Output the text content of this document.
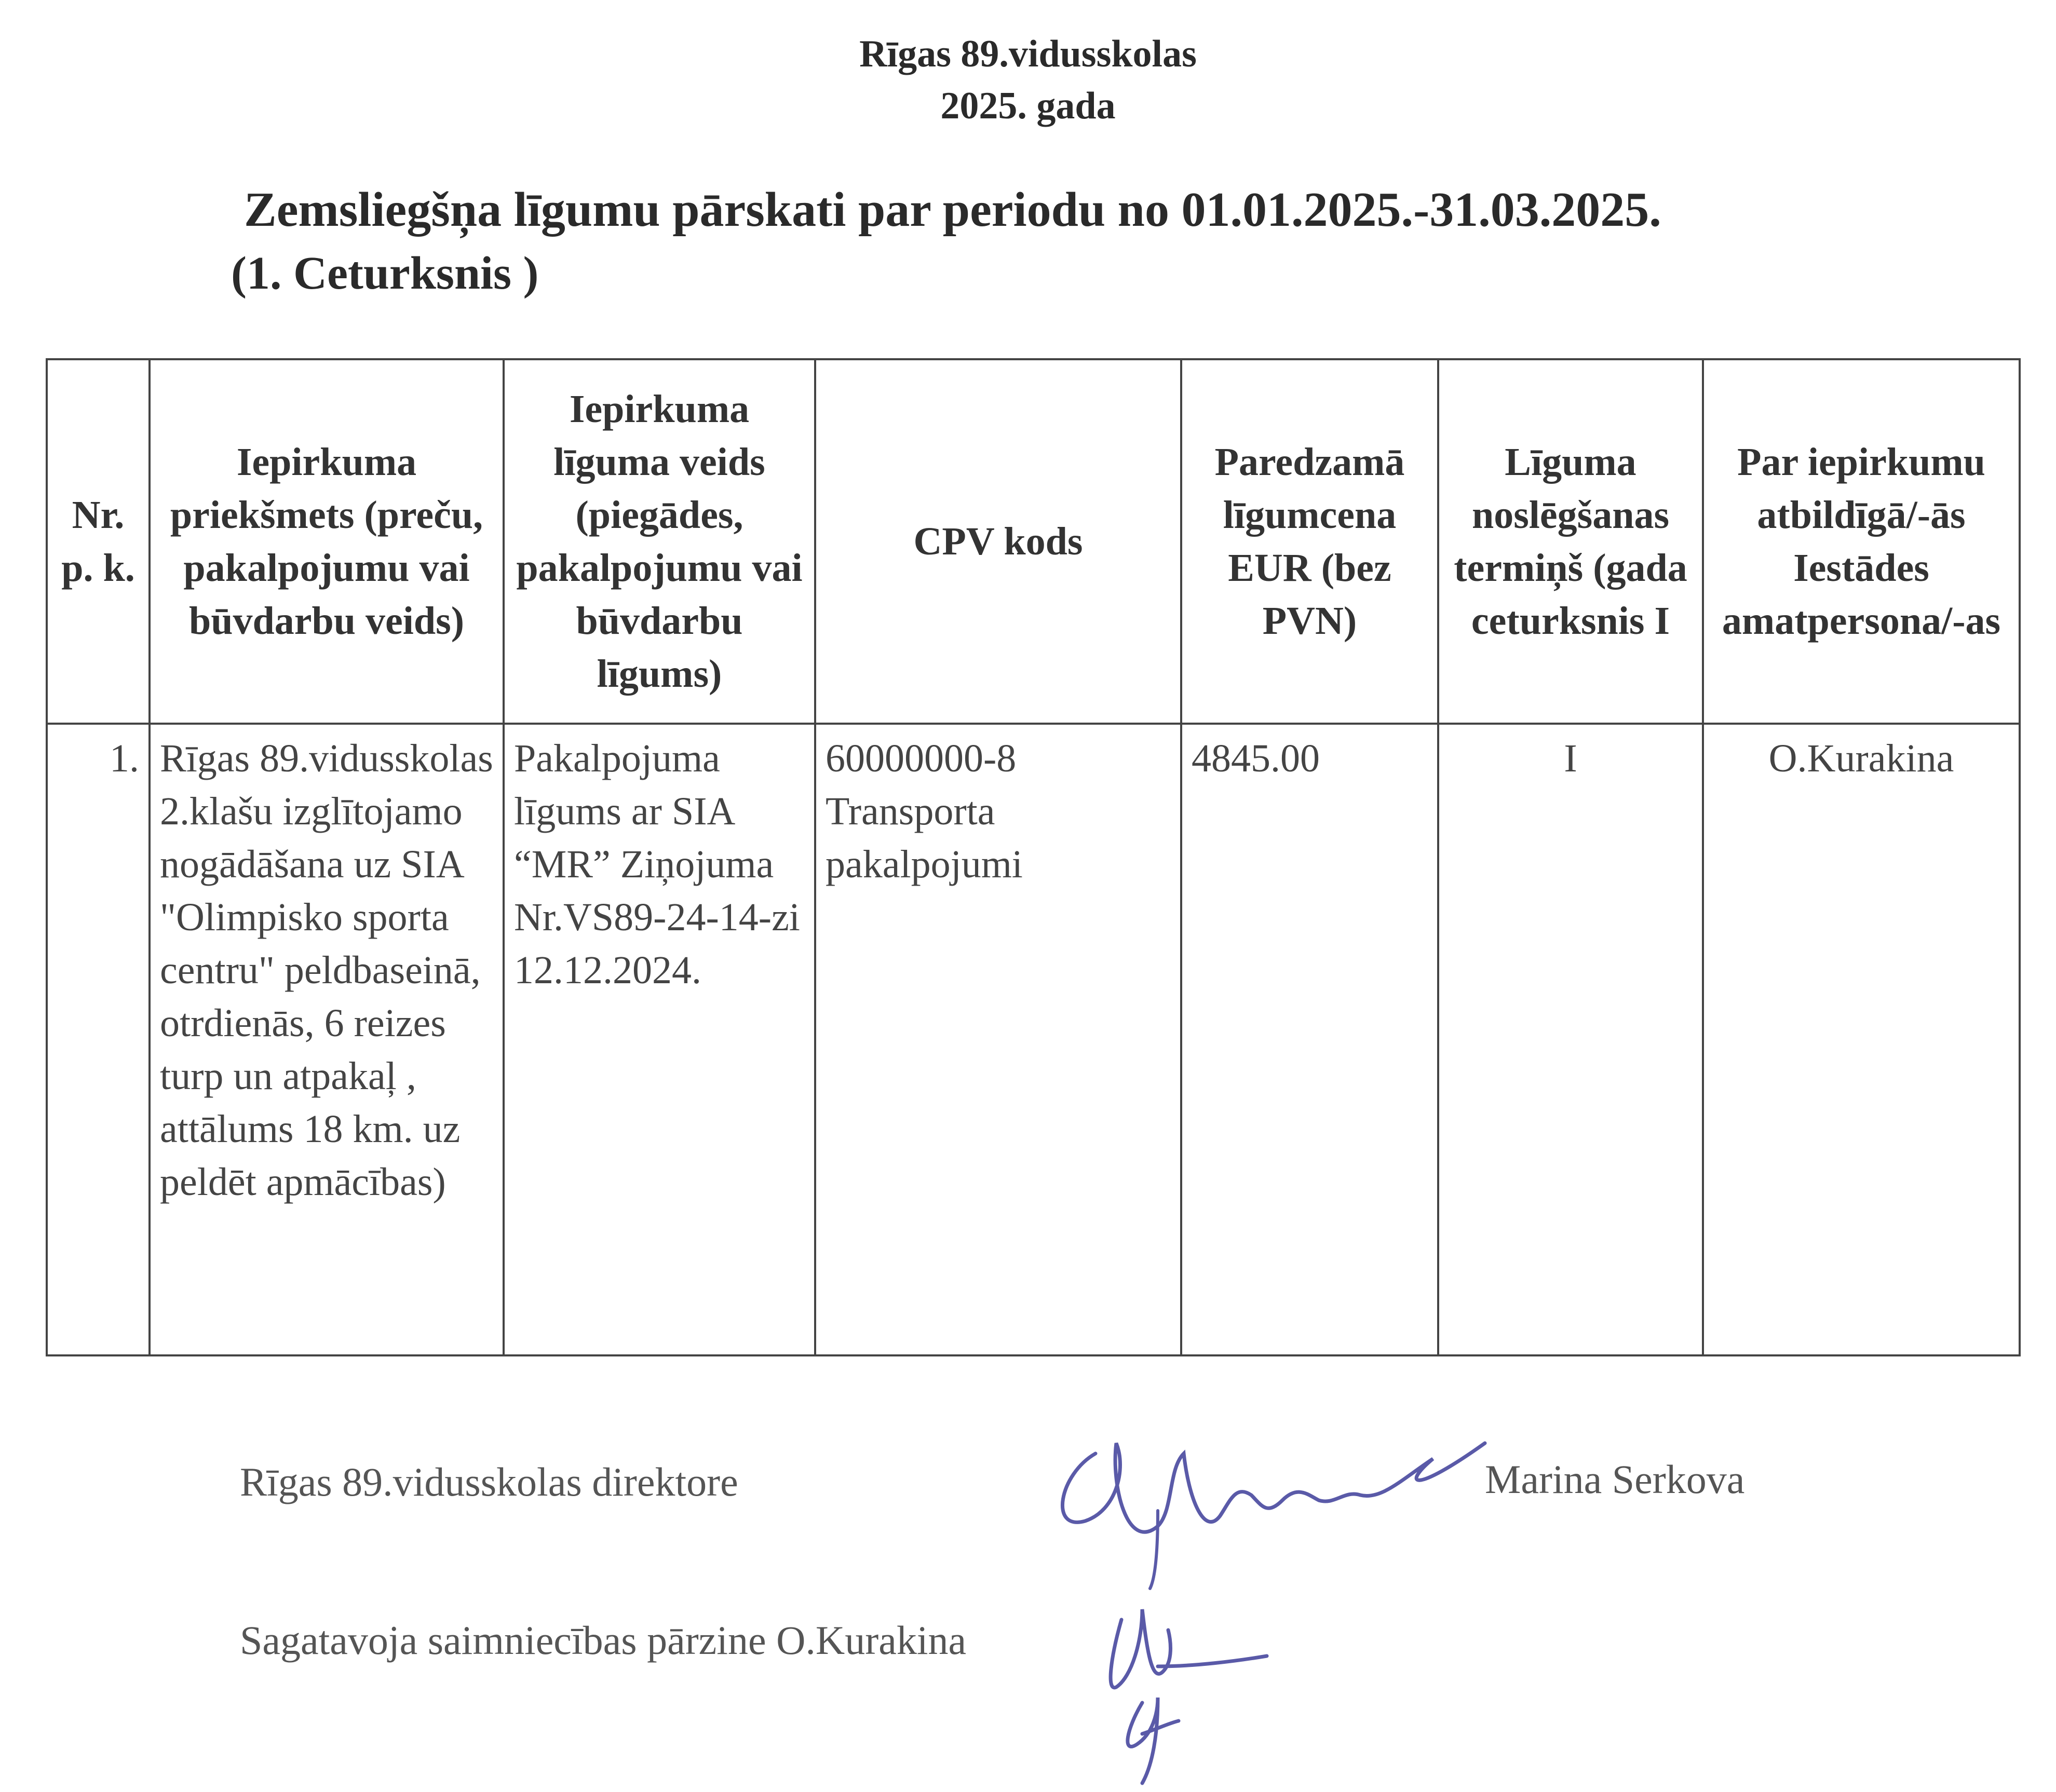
Rīgas 89.vidusskolas
2025. gada
Zemsliegšņa līgumu pārskati par periodu no 01.01.2025.-31.03.2025.
(1. Ceturksnis )
Nr. p. k.	Iepirkuma priekšmets (preču, pakalpojumu vai būvdarbu veids)	Iepirkuma līguma veids (piegādes, pakalpojumu vai būvdarbu līgums)	CPV kods	Paredzamā līgumcena EUR (bez PVN)	Līguma noslēgšanas termiņš (gada ceturksnis I	Par iepirkumu atbildīgā/-ās Iestādes amatpersona/-as
1.	Rīgas 89.vidusskolas 2.klašu izglītojamo nogādāšana uz SIA "Olimpisko sporta centru" peldbaseinā, otrdienās, 6 reizes turp un atpakaļ , attālums 18 km. uz peldēt apmācības)	Pakalpojuma līgums ar SIA “MR” Ziņojuma Nr.VS89-24-14-zi 12.12.2024.	60000000-8 Transporta pakalpojumi	4845.00	I	O.Kurakina
Rīgas 89.vidusskolas direktore	Marina Serkova
Sagatavoja saimniecības pārzine O.Kurakina
